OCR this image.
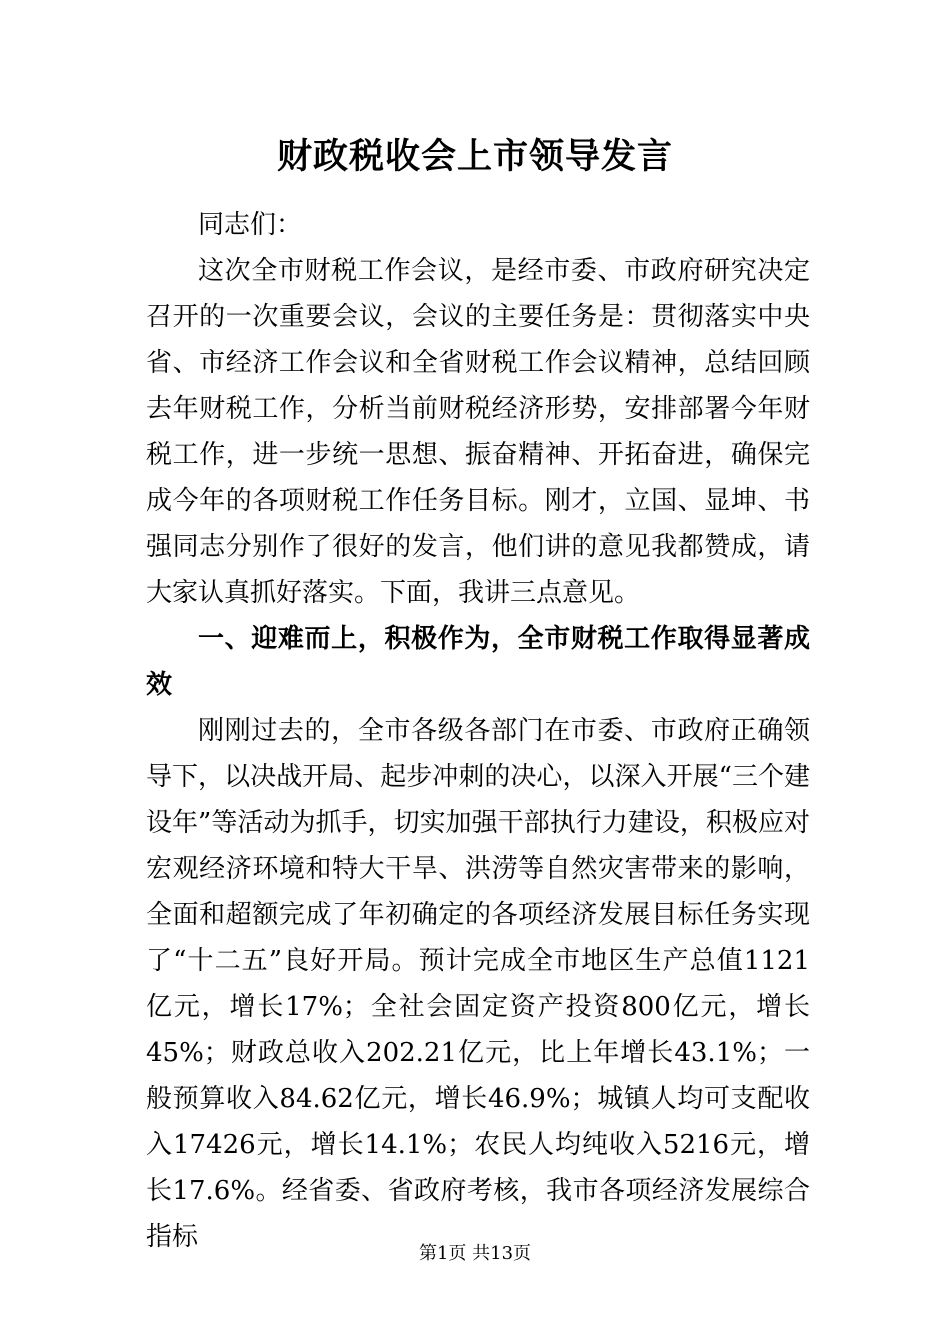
财政税收会上市领导发言

同志们：

这次全市财税工作会议，是经市委、市政府研究决定召开的一次重要会议，会议的主要任务是：贯彻落实中央省、市经济工作会议和全省财税工作会议精神，总结回顾去年财税工作，分析当前财税经济形势，安排部署今年财税工作，进一步统一思想、振奋精神、开拓奋进，确保完成今年的各项财税工作任务目标。刚才，立国、显坤、书强同志分别作了很好的发言，他们讲的意见我都赞成，请大家认真抓好落实。下面，我讲三点意见。

一、迎难而上，积极作为，全市财税工作取得显著成效

刚刚过去的，全市各级各部门在市委、市政府正确领导下，以决战开局、起步冲刺的决心，以深入开展“三个建设年”等活动为抓手，切实加强干部执行力建设，积极应对宏观经济环境和特大干旱、洪涝等自然灾害带来的影响，全面和超额完成了年初确定的各项经济发展目标任务实现了“十二五”良好开局。预计完成全市地区生产总值1121亿元，增长17%；全社会固定资产投资800亿元，增长45%；财政总收入202.21亿元，比上年增长43.1%；一般预算收入84.62亿元，增长46.9%；城镇人均可支配收入17426元，增长14.1%；农民人均纯收入5216元，增长17.6%。经省委、省政府考核，我市各项经济发展综合指标

第1页 共13页
